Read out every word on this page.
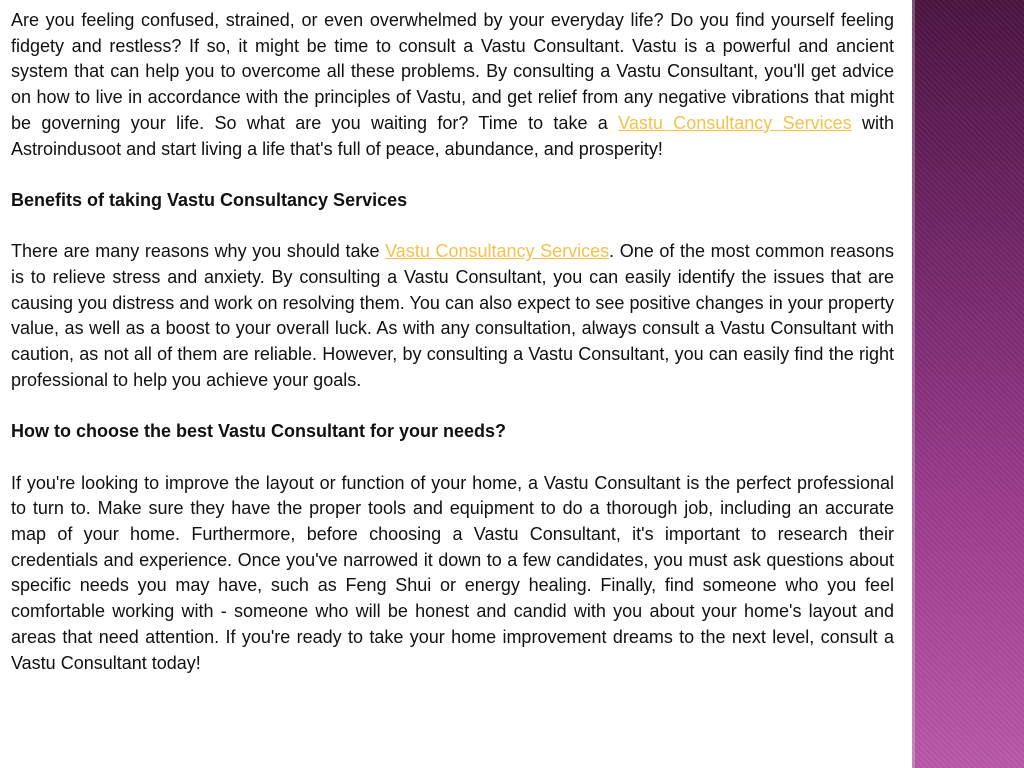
Are you feeling confused, strained, or even overwhelmed by your everyday life? Do you find yourself feeling fidgety and restless? If so, it might be time to consult a Vastu Consultant. Vastu is a powerful and ancient system that can help you to overcome all these problems. By consulting a Vastu Consultant, you'll get advice on how to live in accordance with the principles of Vastu, and get relief from any negative vibrations that might be governing your life. So what are you waiting for? Time to take a Vastu Consultancy Services with Astroindusoot and start living a life that's full of peace, abundance, and prosperity!

Benefits of taking Vastu Consultancy Services

There are many reasons why you should take Vastu Consultancy Services. One of the most common reasons is to relieve stress and anxiety. By consulting a Vastu Consultant, you can easily identify the issues that are causing you distress and work on resolving them. You can also expect to see positive changes in your property value, as well as a boost to your overall luck. As with any consultation, always consult a Vastu Consultant with caution, as not all of them are reliable. However, by consulting a Vastu Consultant, you can easily find the right professional to help you achieve your goals.

How to choose the best Vastu Consultant for your needs?

If you're looking to improve the layout or function of your home, a Vastu Consultant is the perfect professional to turn to. Make sure they have the proper tools and equipment to do a thorough job, including an accurate map of your home. Furthermore, before choosing a Vastu Consultant, it's important to research their credentials and experience. Once you've narrowed it down to a few candidates, you must ask questions about specific needs you may have, such as Feng Shui or energy healing. Finally, find someone who you feel comfortable working with - someone who will be honest and candid with you about your home's layout and areas that need attention. If you're ready to take your home improvement dreams to the next level, consult a Vastu Consultant today!
